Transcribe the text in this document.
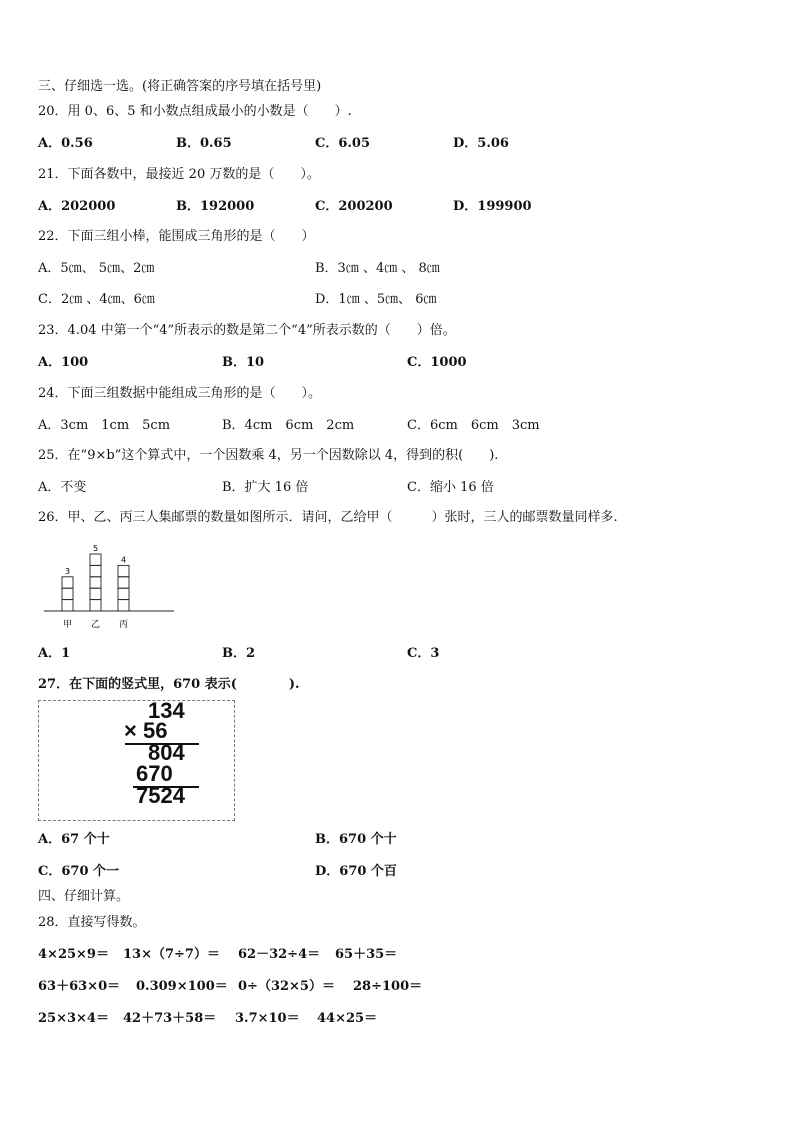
三、仔细选一选。(将正确答案的序号填在括号里)
20．用 0、6、5 和小数点组成最小的小数是（　　）.
A．0.56	B．0.65	C．6.05	D．5.06
21．下面各数中，最接近 20 万数的是（　　）。
A．202000	B．192000	C．200200	D．199900
22．下面三组小棒，能围成三角形的是（　　）
A．5㎝、 5㎝、2㎝	B．3㎝ 、4㎝ 、 8㎝
C．2㎝ 、4㎝、6㎝	D．1㎝ 、5㎝、 6㎝
23．4.04 中第一个“4”所表示的数是第二个“4”所表示数的（　　）倍。
A．100	B．10	C．1000
24．下面三组数据中能组成三角形的是（　　）。
A．3cm　1cm　5cm	B．4cm　6cm　2cm	C．6cm　6cm　3cm
25．在“9×b”这个算式中，一个因数乘 4，另一个因数除以 4，得到的积(　　).
A．不变	B．扩大 16 倍	C．缩小 16 倍
26．甲、乙、丙三人集邮票的数量如图所示．请问，乙给甲（　　　）张时，三人的邮票数量同样多.
3
甲
5
乙
4
丙
A．1	B．2	C．3
27．在下面的竖式里，670 表示(　　　　).
134
× 56
804
670
7524
A．67 个十	B．670 个十
C．670 个一	D．670 个百
四、仔细计算。
28．直接写得数。
4×25×9＝ 13×（7÷7）＝ 62－32÷4＝ 65＋35＝
63＋63×0＝ 0.309×100＝ 0÷（32×5）＝ 28÷100＝
25×3×4＝ 42＋73＋58＝ 3.7×10＝ 44×25＝
